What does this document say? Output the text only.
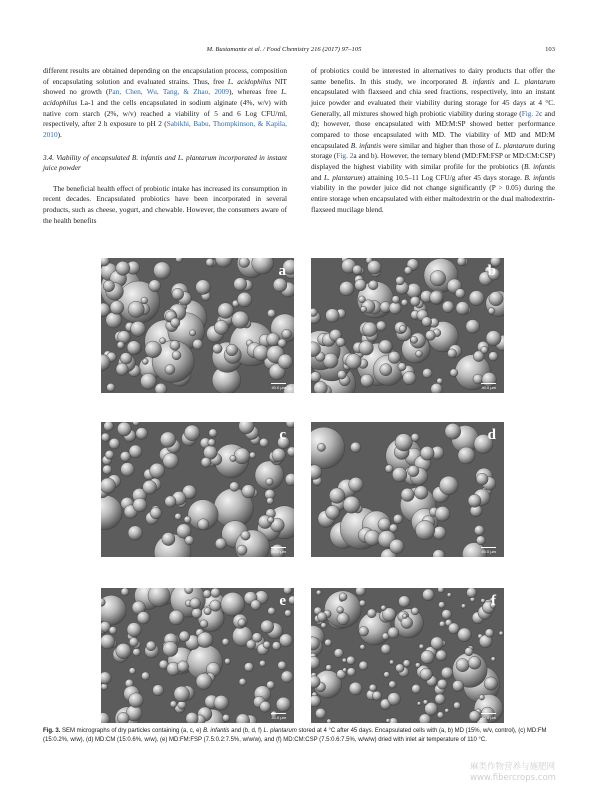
M. Bustamante et al. / Food Chemistry 216 (2017) 97–105	103

different results are obtained depending on the encapsulation process, composition of encapsulating solution and evaluated strains. Thus, free L. acidophilus NIT showed no growth (Pan, Chen, Wu, Tang, & Zhao, 2009), whereas free L. acidophilus La-1 and the cells encapsulated in sodium alginate (4%, w/v) with native corn starch (2%, w/v) reached a viability of 5 and 6 Log CFU/ml, respectively, after 2 h exposure to pH 2 (Sabikhi, Babu, Thompkinson, & Kapila, 2010).

3.4. Viability of encapsulated B. infantis and L. plantarum incorporated in instant juice powder

The beneficial health effect of probiotic intake has increased its consumption in recent decades. Encapsulated probiotics have been incorporated in several products, such as cheese, yogurt, and chewable. However, the consumers aware of the health benefits

of probiotics could be interested in alternatives to dairy products that offer the same benefits. In this study, we incorporated B. infantis and L. plantarum encapsulated with flaxseed and chia seed fractions, respectively, into an instant juice powder and evaluated their viability during storage for 45 days at 4 °C. Generally, all mixtures showed high probiotic viability during storage (Fig. 2c and d); however, those encapsulated with MD:M:SP showed better performance compared to those encapsulated with MD. The viability of MD and MD:M encapsulated B. infantis were similar and higher than those of L. plantarum during storage (Fig. 2a and b). However, the ternary blend (MD:FM:FSP or MD:CM:CSP) displayed the highest viability with similar profile for the probiotics (B. infantis and L. plantarum) attaining 10.5–11 Log CFU/g after 45 days storage. B. infantis viability in the powder juice did not change significantly (P > 0.05) during the entire storage when encapsulated with either maltodextrin or the dual maltodextrin-flaxseed mucilage blend.

a
40.0 µm
b
40.0 µm
c
40.0 µm
d
40.0 µm
e
40.0 µm
f
40.0 µm
Fig. 3. SEM micrographs of dry particles containing (a, c, e) B. infantis and (b, d, f) L. plantarum stored at 4 °C after 45 days. Encapsulated cells with (a, b) MD (15%, w/v, control), (c) MD:FM (15:0.2%, w/w), (d) MD:CM (15:0.6%, w/w), (e) MD:FM:FSP (7.5:0.2:7.5%, w/w/w), and (f) MD:CM:CSP (7.5:0.6:7.5%, w/w/w) dried with inlet air temperature of 110 °C.
麻类作物营养与施肥网
www.fibercrops.com
